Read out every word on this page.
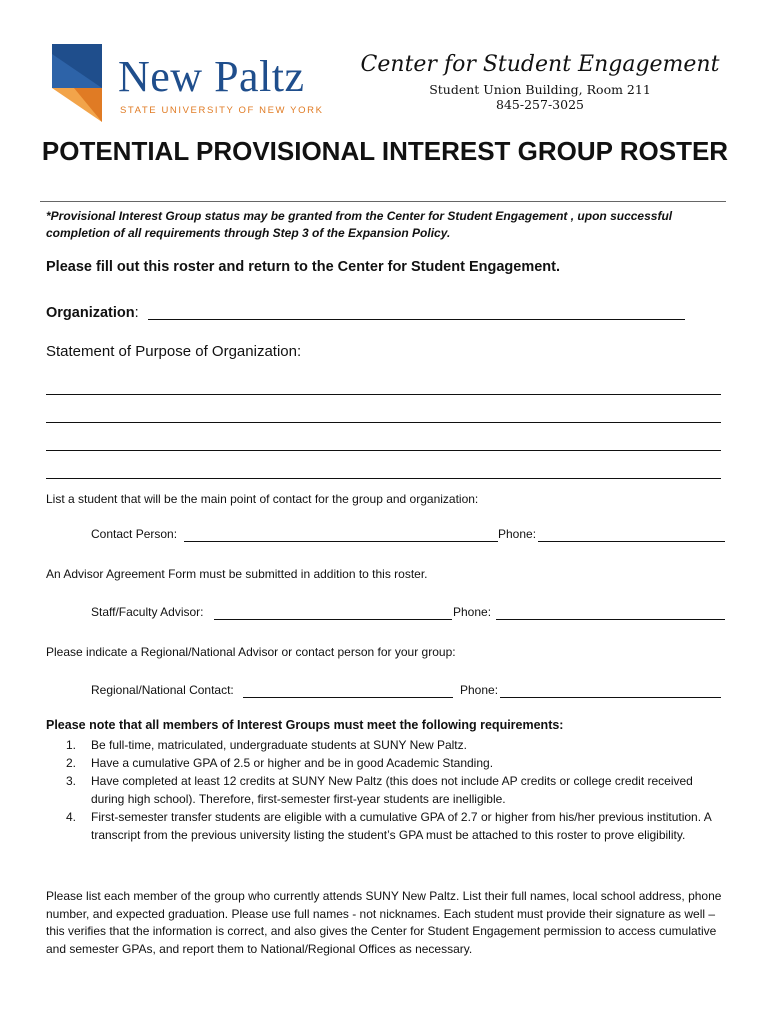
New Paltz
STATE UNIVERSITY OF NEW YORK
Center for Student Engagement
Student Union Building, Room 211
845-257-3025
POTENTIAL PROVISIONAL INTEREST GROUP ROSTER
*Provisional Interest Group status may be granted from the Center for Student Engagement , upon successful completion of all requirements through Step 3 of the Expansion Policy.
Please fill out this roster and return to the Center for Student Engagement.
Organization:
Statement of Purpose of Organization:
List a student that will be the main point of contact for the group and organization:
Contact Person:	Phone:
An Advisor Agreement Form must be submitted in addition to this roster.
Staff/Faculty Advisor:	Phone:
Please indicate a Regional/National Advisor or contact person for your group:
Regional/National Contact:	Phone:
Please note that all members of Interest Groups must meet the following requirements:
1. Be full-time, matriculated, undergraduate students at SUNY New Paltz.
2. Have a cumulative GPA of 2.5 or higher and be in good Academic Standing.
3. Have completed at least 12 credits at SUNY New Paltz (this does not include AP credits or college credit received during high school). Therefore, first-semester first-year students are inelligible.
4. First-semester transfer students are eligible with a cumulative GPA of 2.7 or higher from his/her previous institution. A transcript from the previous university listing the student’s GPA must be attached to this roster to prove eligibility.
Please list each member of the group who currently attends SUNY New Paltz. List their full names, local school address, phone number, and expected graduation. Please use full names - not nicknames. Each student must provide their signature as well – this verifies that the information is correct, and also gives the Center for Student Engagement permission to access cumulative and semester GPAs, and report them to National/Regional Offices as necessary.
